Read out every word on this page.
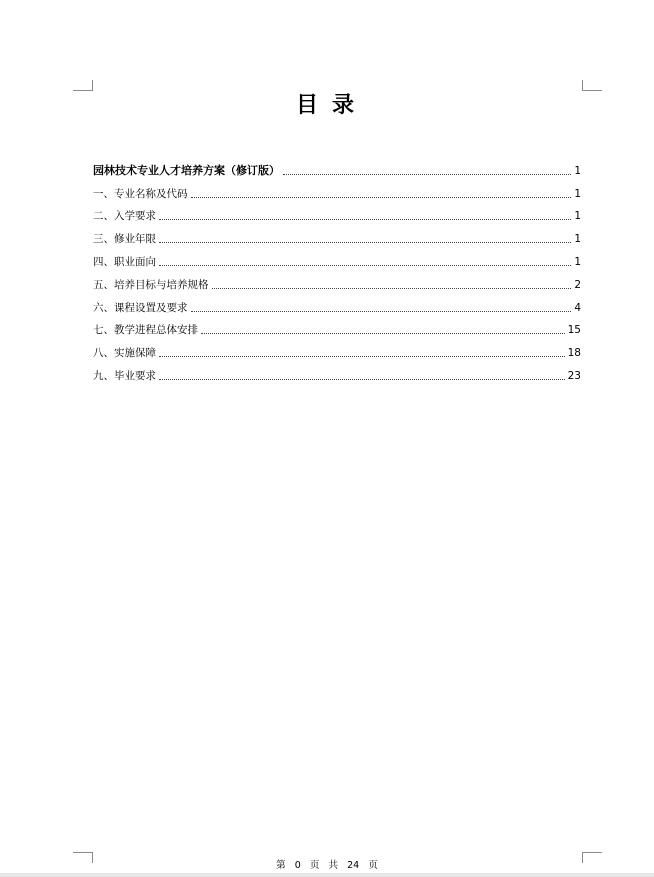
目录
园林技术专业人才培养方案（修订版）	1
一、专业名称及代码	1
二、入学要求	1
三、修业年限	1
四、职业面向	1
五、培养目标与培养规格	2
六、课程设置及要求	4
七、教学进程总体安排	15
八、实施保障	18
九、毕业要求	23
第 0 页 共 24 页
